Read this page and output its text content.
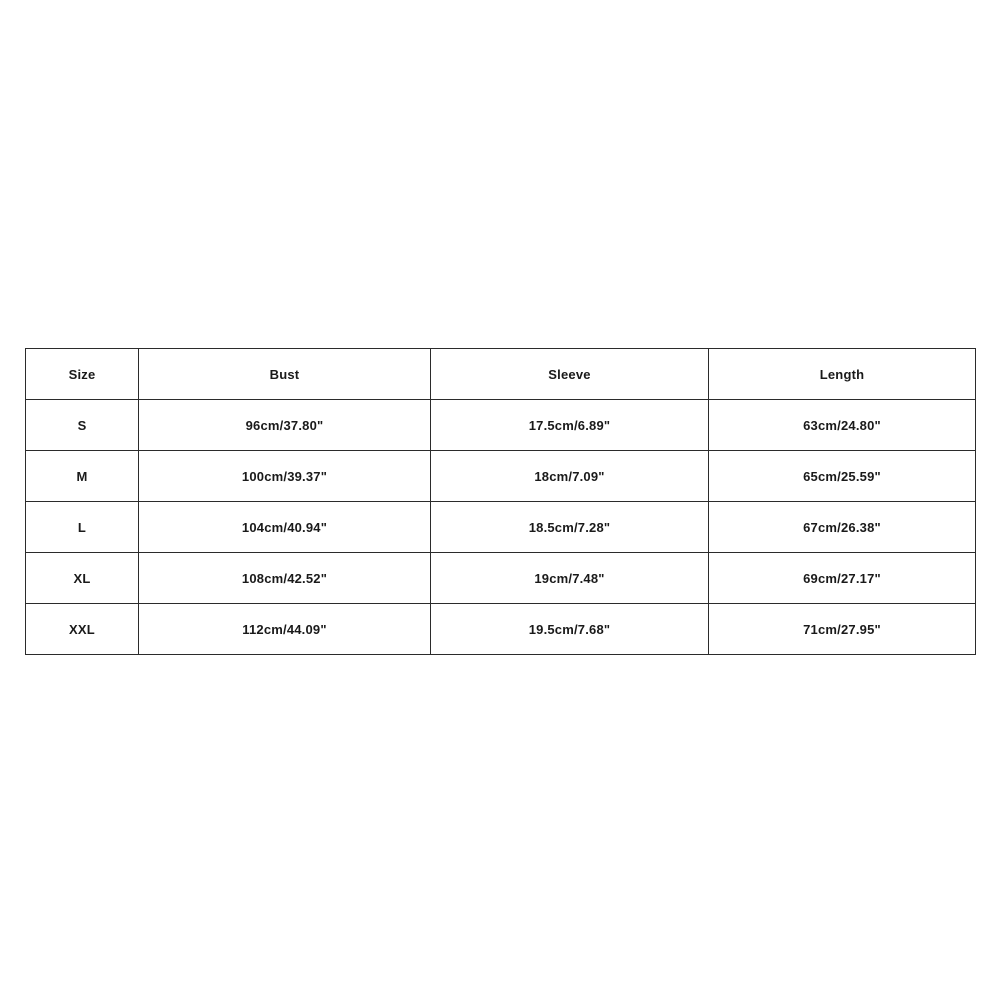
Size	Bust	Sleeve	Length
S	96cm/37.80"	17.5cm/6.89"	63cm/24.80"
M	100cm/39.37"	18cm/7.09"	65cm/25.59"
L	104cm/40.94"	18.5cm/7.28"	67cm/26.38"
XL	108cm/42.52"	19cm/7.48"	69cm/27.17"
XXL	112cm/44.09"	19.5cm/7.68"	71cm/27.95"
